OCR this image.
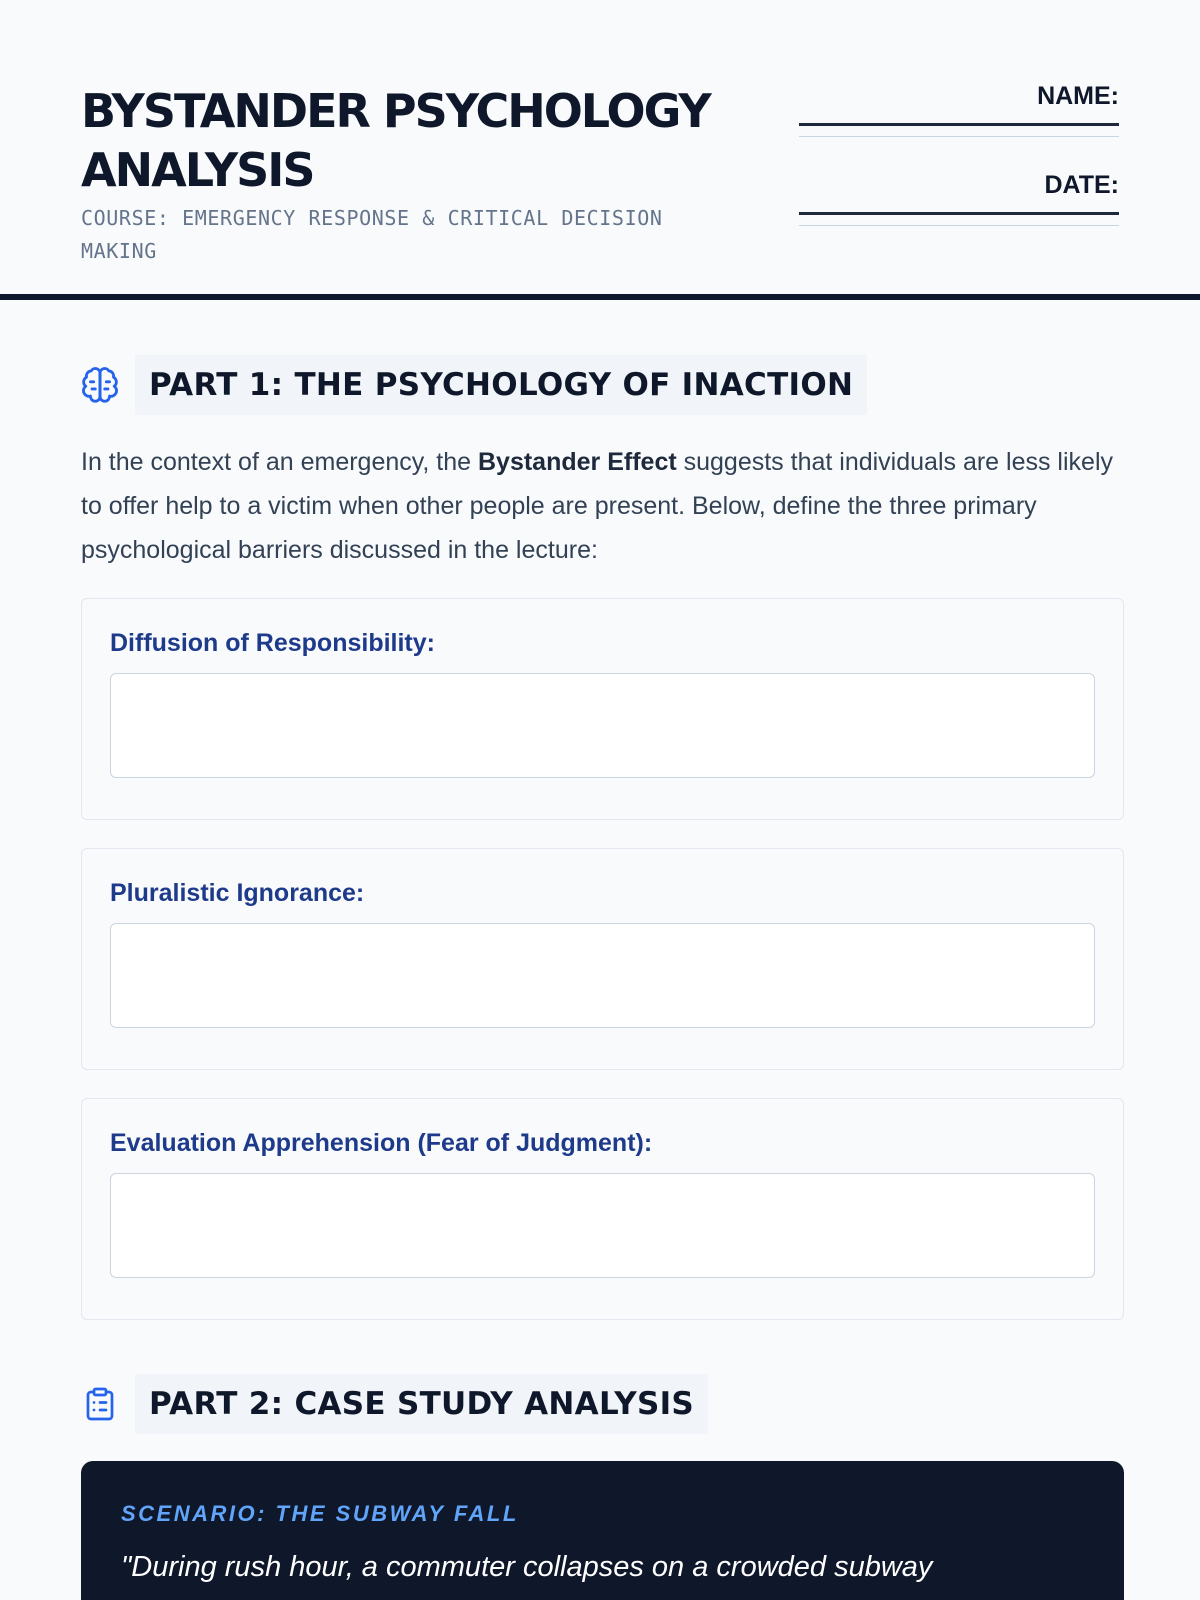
BYSTANDER PSYCHOLOGY ANALYSIS
COURSE: EMERGENCY RESPONSE & CRITICAL DECISION MAKING
NAME:
DATE:
PART 1: THE PSYCHOLOGY OF INACTION

In the context of an emergency, the Bystander Effect suggests that individuals are less likely to offer help to a victim when other people are present. Below, define the three primary psychological barriers discussed in the lecture:

Diffusion of Responsibility:
Pluralistic Ignorance:
Evaluation Apprehension (Fear of Judgment):
PART 2: CASE STUDY ANALYSIS
SCENARIO: THE SUBWAY FALL
"During rush hour, a commuter collapses on a crowded subway
